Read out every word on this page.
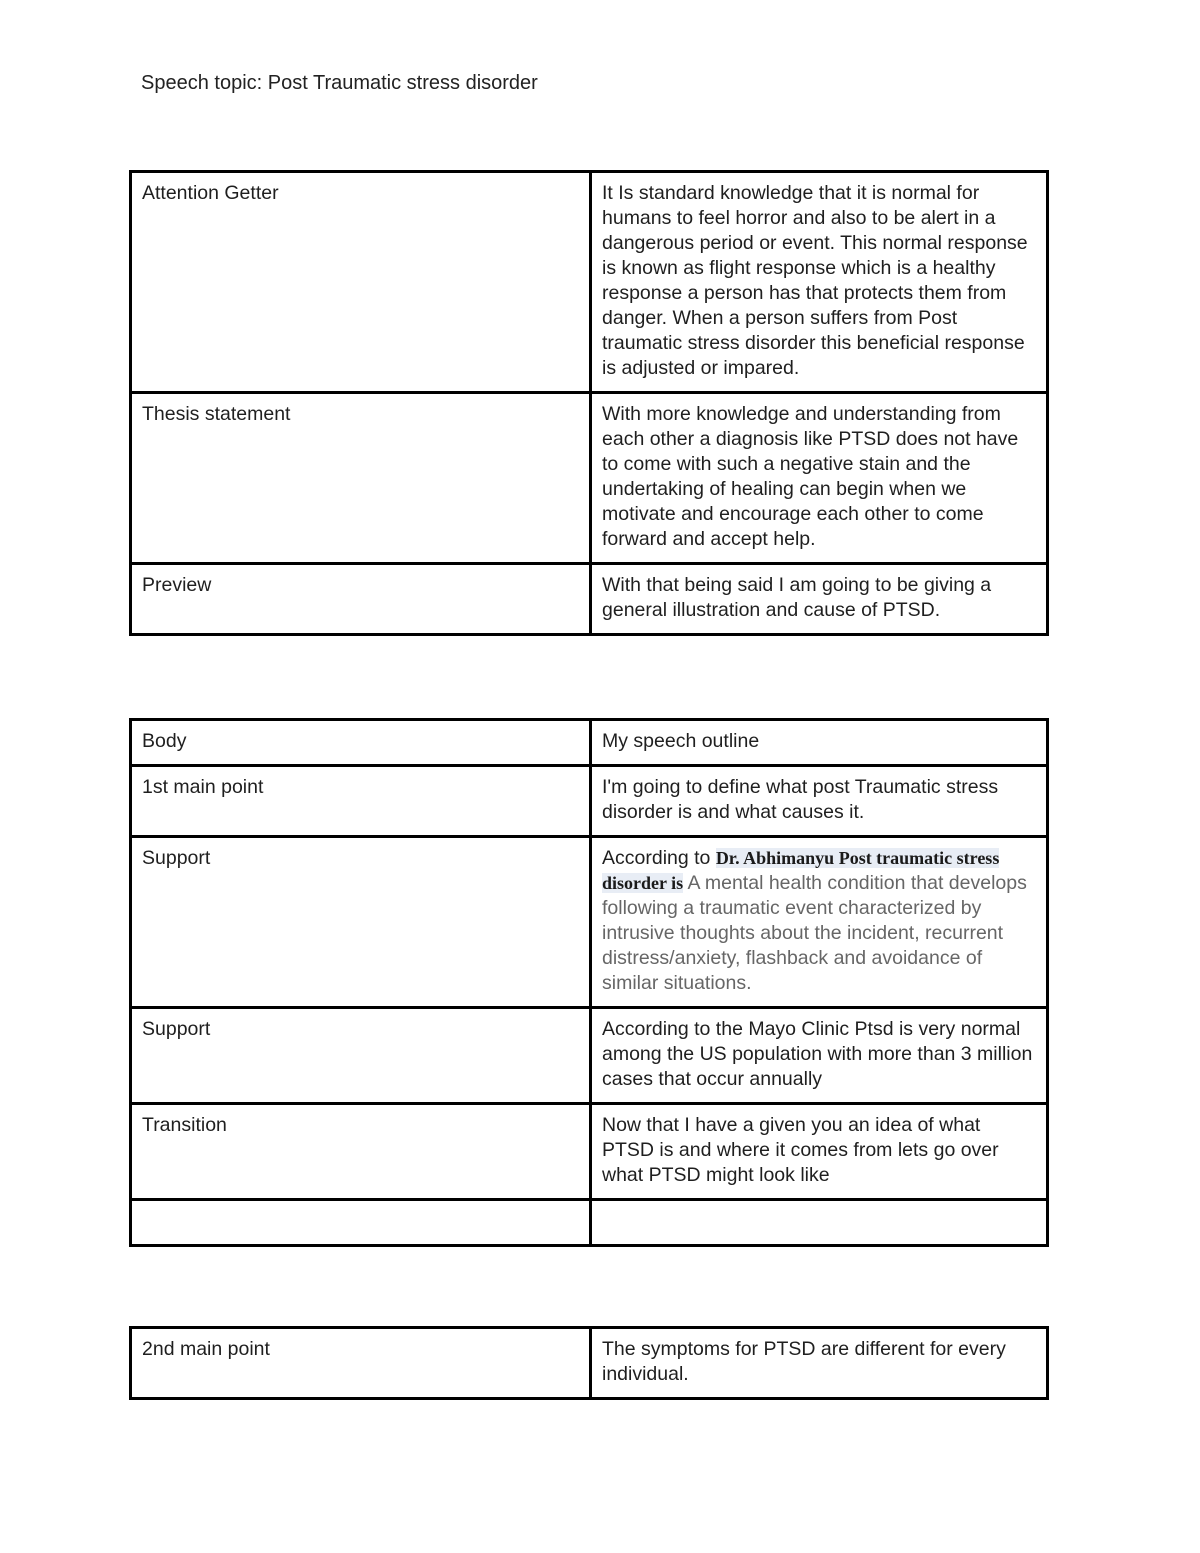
Speech topic: Post Traumatic stress disorder
Attention Getter	It Is standard knowledge that it is normal for humans to feel horror and also to be alert in a dangerous period or event. This normal response is known as flight response which is a healthy response a person has that protects them from danger. When a person suffers from Post traumatic stress disorder this beneficial response is adjusted or impared.
Thesis statement	With more knowledge and understanding from each other a diagnosis like PTSD does not have to come with such a negative stain and the undertaking of healing can begin when we motivate and encourage each other to come forward and accept help.
Preview	With that being said I am going to be giving a general illustration and cause of PTSD.
Body	My speech outline
1st main point	I'm going to define what post Traumatic stress disorder is and what causes it.
Support	According to Dr. Abhimanyu Post traumatic stress disorder is A mental health condition that develops following a traumatic event characterized by intrusive thoughts about the incident, recurrent distress/anxiety, flashback and avoidance of similar situations.
Support	According to the Mayo Clinic Ptsd is very normal among the US population with more than 3 million cases that occur annually
Transition	Now that I have a given you an idea of what PTSD is and where it comes from lets go over what PTSD might look like

2nd main point	The symptoms for PTSD are different for every individual.
